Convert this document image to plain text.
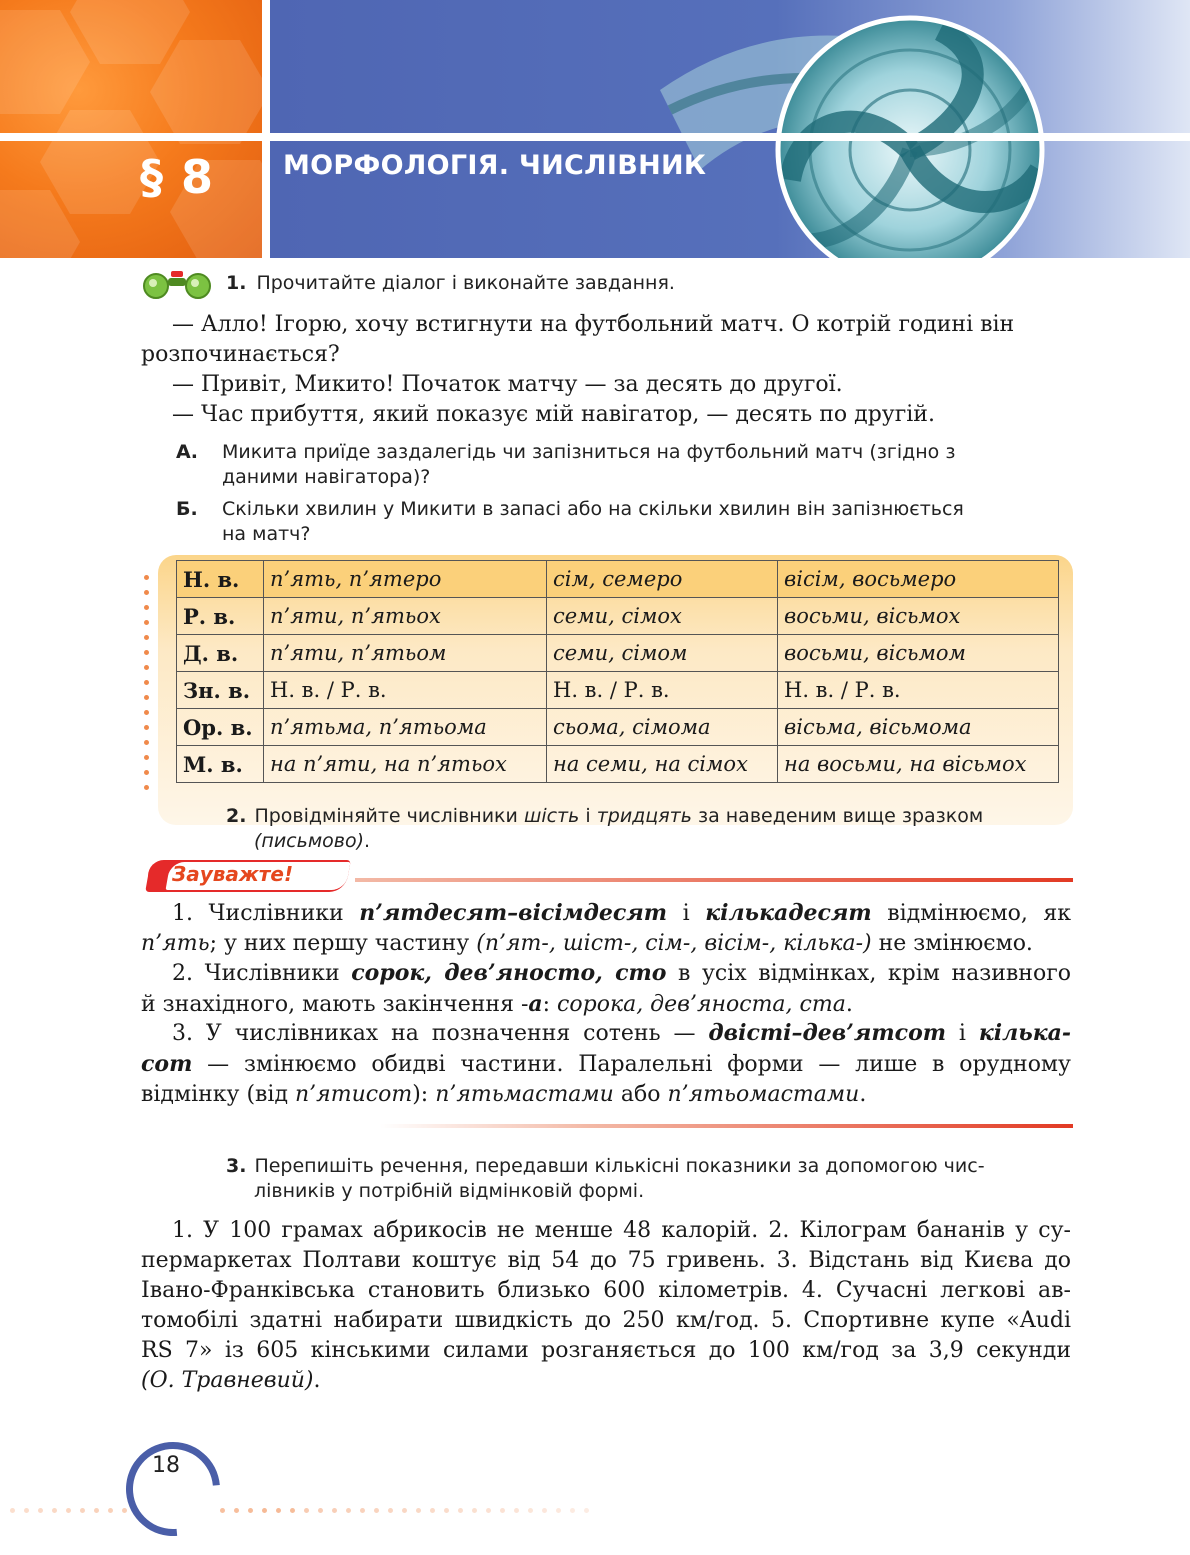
§ 8	МОРФОЛОГІЯ. ЧИСЛІВНИК
1. Прочитайте діалог і виконайте завдання.
— Алло! Ігорю, хочу встигнути на футбольний матч. О котрій годині він
розпочинається?
— Привіт, Микито! Початок матчу — за десять до другої.
— Час прибуття, який показує мій навігатор, — десять по другій.
А. Микита приїде заздалегідь чи запізниться на футбольний матч (згідно з
даними навігатора)?
Б. Скільки хвилин у Микити в запасі або на скільки хвилин він запізнюється
на матч?
Н. в.	п’ять, п’ятеро	сім, семеро	вісім, восьмеро
Р. в.	п’яти, п’ятьох	семи, сімох	восьми, вісьмох
Д. в.	п’яти, п’ятьом	семи, сімом	восьми, вісьмом
Зн. в.	Н. в. / Р. в.	Н. в. / Р. в.	Н. в. / Р. в.
Ор. в.	п’ятьма, п’ятьома	сьома, сімома	вісьма, вісьмома
М. в.	на п’яти, на п’ятьох	на семи, на сімох	на восьми, на вісьмох
2. Провідміняйте числівники шість і тридцять за наведеним вище зразком
(письмово).
Зауважте!
1. Числівники п’ятдесят–вісімдесят і кількадесят відмінюємо, як
п’ять; у них першу частину (п’ят-, шіст-, сім-, вісім-, кілька-) не змінюємо.
2. Числівники сорок, дев’яносто, сто в усіх відмінках, крім називного
й знахідного, мають закінчення -а: сорока, дев’яноста, ста.
3. У числівниках на позначення сотень — двісті–дев’ятсот і кілька-
сот — змінюємо обидві частини. Паралельні форми — лише в орудному
відмінку (від п’ятисот): п’ятьмастами або п’ятьомастами.
3. Перепишіть речення, передавши кількісні показники за допомогою чис-
лівників у потрібній відмінковій формі.
1. У 100 грамах абрикосів не менше 48 калорій. 2. Кілограм бананів у су-
пермаркетах Полтави коштує від 54 до 75 гривень. 3. Відстань від Києва до
Івано-Франківська становить близько 600 кілометрів. 4. Сучасні легкові ав-
томобілі здатні набирати швидкість до 250 км/год. 5. Спортивне купе «Audi
RS 7» із 605 кінськими силами розганяється до 100 км/год за 3,9 секунди
(О. Травневий).
18
